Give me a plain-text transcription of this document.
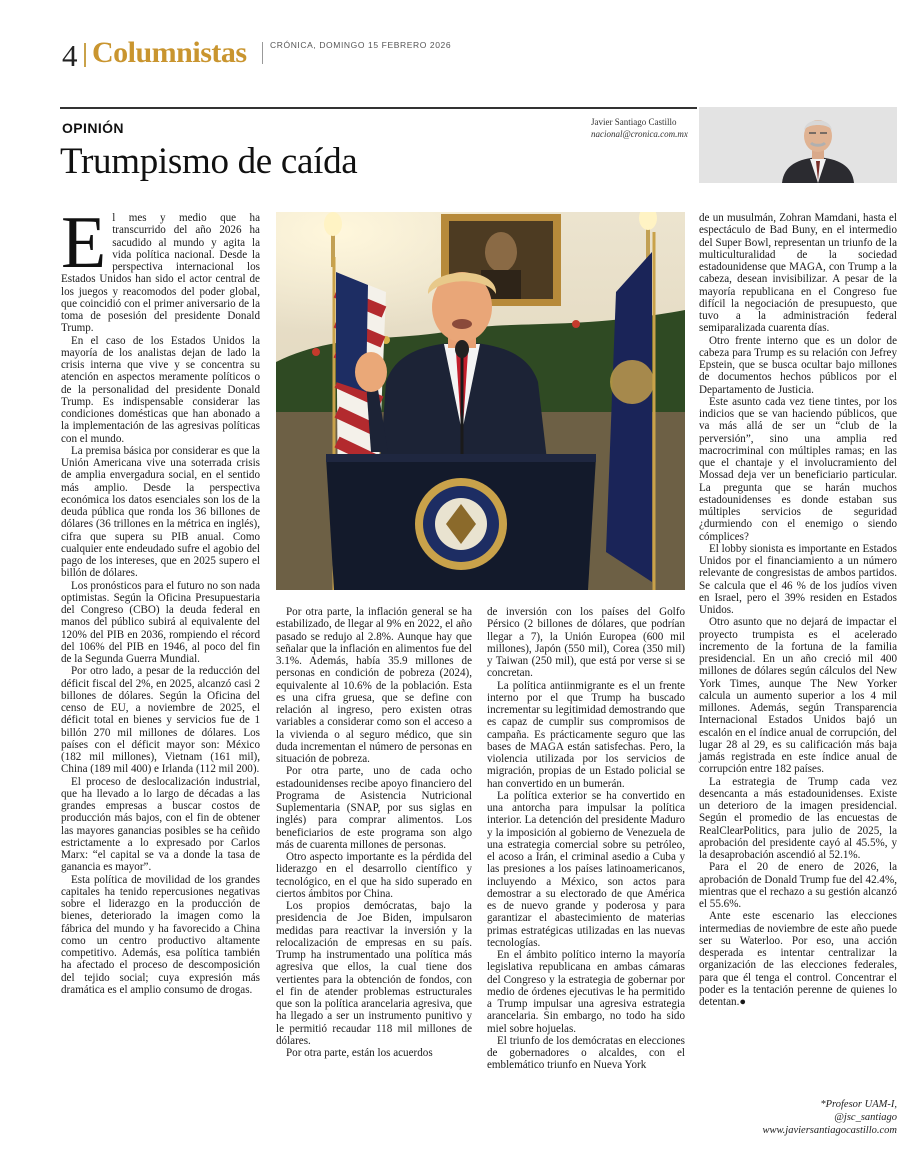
4 Columnistas	CRÓNICA, DOMINGO 15 FEBRERO 2026
OPINIÓN
Trumpismo de caída
Javier Santiago Castillo
nacional@cronica.com.mx
E l mes y medio que ha transcurrido del año 2026 ha sacudido al mundo y agita la vida política nacional. Desde la perspectiva internacional los Estados Unidos han sido el actor central de los juegos y reacomodos del poder global, que coincidió con el primer aniversario de la toma de posesión del presidente Donald Trump.

En el caso de los Estados Unidos la mayoría de los analistas dejan de lado la crisis interna que vive y se concentra su atención en aspectos meramente políticos o de la personalidad del presidente Donald Trump. Es indispensable considerar las condiciones domésticas que han abonado a la implementación de las agresivas políticas con el mundo.

La premisa básica por considerar es que la Unión Americana vive una soterrada crisis de amplia envergadura social, en el sentido más amplio. Desde la perspectiva económica los datos esenciales son los de la deuda pública que ronda los 36 billones de dólares (36 trillones en la métrica en inglés), cifra que supera su PIB anual. Como cualquier ente endeudado sufre el agobio del pago de los intereses, que en 2025 supero el billón de dólares.

Los pronósticos para el futuro no son nada optimistas. Según la Oficina Presupuestaria del Congreso (CBO) la deuda federal en manos del público subirá al equivalente del 120% del PIB en 2036, rompiendo el récord del 106% del PIB en 1946, al poco del fin de la Segunda Guerra Mundial.

Por otro lado, a pesar de la reducción del déficit fiscal del 2%, en 2025, alcanzó casi 2 billones de dólares. Según la Oficina del censo de EU, a noviembre de 2025, el déficit total en bienes y servicios fue de 1 billón 270 mil millones de dólares. Los países con el déficit mayor son: México (182 mil millones), Vietnam (161 mil), China (189 mil 400) e Irlanda (112 mil 200).

El proceso de deslocalización industrial, que ha llevado a lo largo de décadas a las grandes empresas a buscar costos de producción más bajos, con el fin de obtener las mayores ganancias posibles se ha ceñido estrictamente a lo expresado por Carlos Marx: “el capital se va a donde la tasa de ganancia es mayor”.

Esta política de movilidad de los grandes capitales ha tenido repercusiones negativas sobre el liderazgo en la producción de bienes, deteriorado la imagen como la fábrica del mundo y ha favorecido a China como un centro productivo altamente competitivo. Además, esa política también ha afectado el proceso de descomposición del tejido social; cuya expresión más dramática es el amplio consumo de drogas.

Por otra parte, la inflación general se ha estabilizado, de llegar al 9% en 2022, el año pasado se redujo al 2.8%. Aunque hay que señalar que la inflación en alimentos fue del 3.1%. Además, había 35.9 millones de personas en condición de pobreza (2024), equivalente al 10.6% de la población. Esta es una cifra gruesa, que se define con relación al ingreso, pero existen otras variables a considerar como son el acceso a la vivienda o al seguro médico, que sin duda incrementan el número de personas en situación de pobreza.

Por otra parte, uno de cada ocho estadounidenses recibe apoyo financiero del Programa de Asistencia Nutricional Suplementaria (SNAP, por sus siglas en inglés) para comprar alimentos. Los beneficiarios de este programa son algo más de cuarenta millones de personas.

Otro aspecto importante es la pérdida del liderazgo en el desarrollo científico y tecnológico, en el que ha sido superado en ciertos ámbitos por China.

Los propios demócratas, bajo la presidencia de Joe Biden, impulsaron medidas para reactivar la inversión y la relocalización de empresas en su país. Trump ha instrumentado una política más agresiva que ellos, la cual tiene dos vertientes para la obtención de fondos, con el fin de atender problemas estructurales que son la política arancelaria agresiva, que ha llegado a ser un instrumento punitivo y le permitió recaudar 118 mil millones de dólares.

Por otra parte, están los acuerdos

de inversión con los países del Golfo Pérsico (2 billones de dólares, que podrían llegar a 7), la Unión Europea (600 mil millones), Japón (550 mil), Corea (350 mil) y Taiwan (250 mil), que está por verse si se concretan.

La política antiinmigrante es el un frente interno por el que Trump ha buscado incrementar su legitimidad demostrando que es capaz de cumplir sus compromisos de campaña. Es prácticamente seguro que las bases de MAGA están satisfechas. Pero, la violencia utilizada por los servicios de migración, propias de un Estado policial se han convertido en un bumerán.

La política exterior se ha convertido en una antorcha para impulsar la política interior. La detención del presidente Maduro y la imposición al gobierno de Venezuela de una estrategia comercial sobre su petróleo, el acoso a Irán, el criminal asedio a Cuba y las presiones a los países latinoamericanos, incluyendo a México, son actos para demostrar a su electorado de que América es de nuevo grande y poderosa y para garantizar el abastecimiento de materias primas estratégicas utilizadas en las nuevas tecnologías.

En el ámbito político interno la mayoría legislativa republicana en ambas cámaras del Congreso y la estrategia de gobernar por medio de órdenes ejecutivas le ha permitido a Trump impulsar una agresiva estrategia arancelaria. Sin embargo, no todo ha sido miel sobre hojuelas.

El triunfo de los demócratas en elecciones de gobernadores o alcaldes, con el emblemático triunfo en Nueva York

de un musulmán, Zohran Mamdani, hasta el espectáculo de Bad Buny, en el intermedio del Super Bowl, representan un triunfo de la multiculturalidad de la sociedad estadounidense que MAGA, con Trump a la cabeza, desean invisibilizar. A pesar de la mayoría republicana en el Congreso fue difícil la negociación de presupuesto, que tuvo a la administración federal semiparalizada cuarenta días.

Otro frente interno que es un dolor de cabeza para Trump es su relación con Jefrey Epstein, que se busca ocultar bajo millones de documentos hechos públicos por el Departamento de Justicia.

Este asunto cada vez tiene tintes, por los indicios que se van haciendo públicos, que va más allá de ser un “club de la perversión”, sino una amplia red macrocriminal con múltiples ramas; en las que el chantaje y el involucramiento del Mossad deja ver un beneficiario particular. La pregunta que se harán muchos estadounidenses es donde estaban sus múltiples servicios de seguridad ¿durmiendo con el enemigo o siendo cómplices?

El lobby sionista es importante en Estados Unidos por el financiamiento a un número relevante de congresistas de ambos partidos. Se calcula que el 46 % de los judíos viven en Israel, pero el 39% residen en Estados Unidos.

Otro asunto que no dejará de impactar el proyecto trumpista es el acelerado incremento de la fortuna de la familia presidencial. En un año creció mil 400 millones de dólares según cálculos del New York Times, aunque The New Yorker calcula un aumento superior a los 4 mil millones. Además, según Transparencia Internacional Estados Unidos bajó un escalón en el índice anual de corrupción, del lugar 28 al 29, es su calificación más baja jamás registrada en este índice anual de corrupción entre 182 países.

La estrategia de Trump cada vez desencanta a más estadounidenses. Existe un deterioro de la imagen presidencial. Según el promedio de las encuestas de RealClearPolitics, para julio de 2025, la aprobación del presidente cayó al 45.5%, y la desaprobación ascendió al 52.1%.

Para el 20 de enero de 2026, la aprobación de Donald Trump fue del 42.4%, mientras que el rechazo a su gestión alcanzó el 55.6%.

Ante este escenario las elecciones intermedias de noviembre de este año puede ser su Waterloo. Por eso, una acción desperada es intentar centralizar la organización de las elecciones federales, para que él tenga el control. Concentrar el poder es la tentación perenne de quienes lo detentan.●

*Profesor UAM-I,
@jsc_santiago
www.javiersantiagocastillo.com
